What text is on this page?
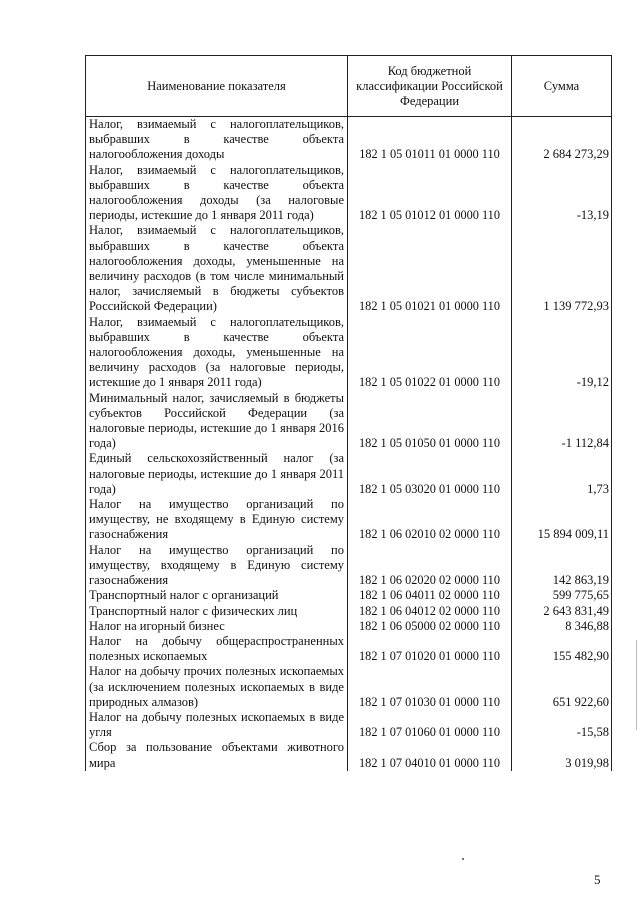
Наименование показателя	Код бюджетной классификации Российской Федерации	Сумма
Налог, взимаемый с налогоплательщиков, выбравших в качестве объекта налогообложения доходы	182 1 05 01011 01 0000 110	2 684 273,29
Налог, взимаемый с налогоплательщиков, выбравших в качестве объекта налогообложения доходы (за налоговые периоды, истекшие до 1 января 2011 года)	182 1 05 01012 01 0000 110	-13,19
Налог, взимаемый с налогоплательщиков, выбравших в качестве объекта налогообложения доходы, уменьшенные на величину расходов (в том числе минимальный налог, зачисляемый в бюджеты субъектов Российской Федерации)	182 1 05 01021 01 0000 110	1 139 772,93
Налог, взимаемый с налогоплательщиков, выбравших в качестве объекта налогообложения доходы, уменьшенные на величину расходов (за налоговые периоды, истекшие до 1 января 2011 года)	182 1 05 01022 01 0000 110	-19,12
Минимальный налог, зачисляемый в бюджеты субъектов Российской Федерации (за налоговые периоды, истекшие до 1 января 2016 года)	182 1 05 01050 01 0000 110	-1 112,84
Единый сельскохозяйственный налог (за налоговые периоды, истекшие до 1 января 2011 года)	182 1 05 03020 01 0000 110	1,73
Налог на имущество организаций по имуществу, не входящему в Единую систему газоснабжения	182 1 06 02010 02 0000 110	15 894 009,11
Налог на имущество организаций по имуществу, входящему в Единую систему газоснабжения	182 1 06 02020 02 0000 110	142 863,19
Транспортный налог с организаций	182 1 06 04011 02 0000 110	599 775,65
Транспортный налог с физических лиц	182 1 06 04012 02 0000 110	2 643 831,49
Налог на игорный бизнес	182 1 06 05000 02 0000 110	8 346,88
Налог на добычу общераспространенных полезных ископаемых	182 1 07 01020 01 0000 110	155 482,90
Налог на добычу прочих полезных ископаемых (за исключением полезных ископаемых в виде природных алмазов)	182 1 07 01030 01 0000 110	651 922,60
Налог на добычу полезных ископаемых в виде угля	182 1 07 01060 01 0000 110	-15,58
Сбор за пользование объектами животного мира	182 1 07 04010 01 0000 110	3 019,98
5
